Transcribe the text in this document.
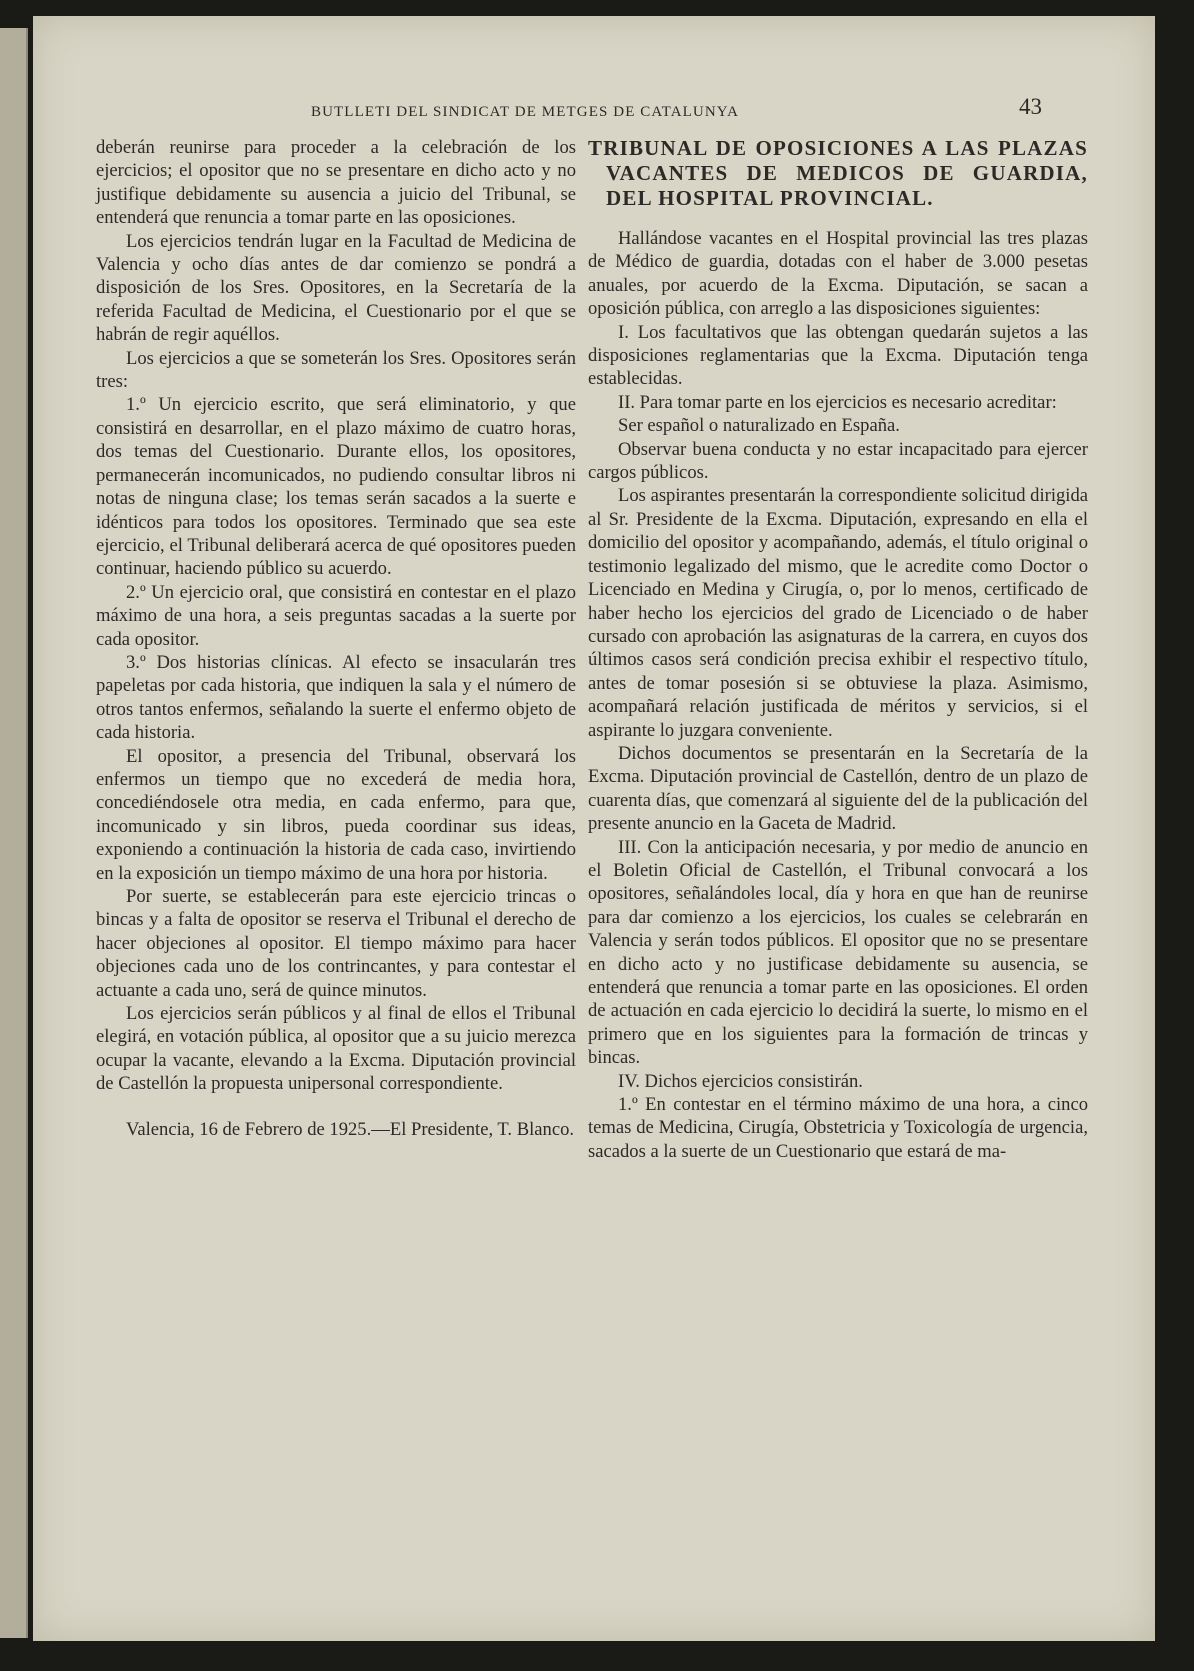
BUTLLETI DEL SINDICAT DE METGES DE CATALUNYA	43

deberán reunirse para proceder a la celebración de los ejercicios; el opositor que no se presentare en dicho acto y no justifique debidamente su ausencia a juicio del Tribunal, se entenderá que renuncia a tomar parte en las oposiciones.

Los ejercicios tendrán lugar en la Facultad de Medicina de Valencia y ocho días antes de dar comienzo se pondrá a disposición de los Sres. Opositores, en la Secretaría de la referida Facultad de Medicina, el Cuestionario por el que se habrán de regir aquéllos.

Los ejercicios a que se someterán los Sres. Opositores serán tres:

1.º Un ejercicio escrito, que será eliminatorio, y que consistirá en desarrollar, en el plazo máximo de cuatro horas, dos temas del Cuestionario. Durante ellos, los opositores, permanecerán incomunicados, no pudiendo consultar libros ni notas de ninguna clase; los temas serán sacados a la suerte e idénticos para todos los opositores. Terminado que sea este ejercicio, el Tribunal deliberará acerca de qué opositores pueden continuar, haciendo público su acuerdo.

2.º Un ejercicio oral, que consistirá en contestar en el plazo máximo de una hora, a seis preguntas sacadas a la suerte por cada opositor.

3.º Dos historias clínicas. Al efecto se insacularán tres papeletas por cada historia, que indiquen la sala y el número de otros tantos enfermos, señalando la suerte el enfermo objeto de cada historia.

El opositor, a presencia del Tribunal, observará los enfermos un tiempo que no excederá de media hora, concediéndosele otra media, en cada enfermo, para que, incomunicado y sin libros, pueda coordinar sus ideas, exponiendo a continuación la historia de cada caso, invirtiendo en la exposición un tiempo máximo de una hora por historia.

Por suerte, se establecerán para este ejercicio trincas o bincas y a falta de opositor se reserva el Tribunal el derecho de hacer objeciones al opositor. El tiempo máximo para hacer objeciones cada uno de los contrincantes, y para contestar el actuante a cada uno, será de quince minutos.

Los ejercicios serán públicos y al final de ellos el Tribunal elegirá, en votación pública, al opositor que a su juicio merezca ocupar la vacante, elevando a la Excma. Diputación provincial de Castellón la propuesta unipersonal correspondiente.

Valencia, 16 de Febrero de 1925.—El Presidente, T. Blanco.

TRIBUNAL DE OPOSICIONES A LAS PLAZAS VACANTES DE MEDICOS DE GUARDIA, DEL HOSPITAL PROVINCIAL.

Hallándose vacantes en el Hospital provincial las tres plazas de Médico de guardia, dotadas con el haber de 3.000 pesetas anuales, por acuerdo de la Excma. Diputación, se sacan a oposición pública, con arreglo a las disposiciones siguientes:

I. Los facultativos que las obtengan quedarán sujetos a las disposiciones reglamentarias que la Excma. Diputación tenga establecidas.

II. Para tomar parte en los ejercicios es necesario acreditar:

Ser español o naturalizado en España.

Observar buena conducta y no estar incapacitado para ejercer cargos públicos.

Los aspirantes presentarán la correspondiente solicitud dirigida al Sr. Presidente de la Excma. Diputación, expresando en ella el domicilio del opositor y acompañando, además, el título original o testimonio legalizado del mismo, que le acredite como Doctor o Licenciado en Medina y Cirugía, o, por lo menos, certificado de haber hecho los ejercicios del grado de Licenciado o de haber cursado con aprobación las asignaturas de la carrera, en cuyos dos últimos casos será condición precisa exhibir el respectivo título, antes de tomar posesión si se obtuviese la plaza. Asimismo, acompañará relación justificada de méritos y servicios, si el aspirante lo juzgara conveniente.

Dichos documentos se presentarán en la Secretaría de la Excma. Diputación provincial de Castellón, dentro de un plazo de cuarenta días, que comenzará al siguiente del de la publicación del presente anuncio en la Gaceta de Madrid.

III. Con la anticipación necesaria, y por medio de anuncio en el Boletin Oficial de Castellón, el Tribunal convocará a los opositores, señalándoles local, día y hora en que han de reunirse para dar comienzo a los ejercicios, los cuales se celebrarán en Valencia y serán todos públicos. El opositor que no se presentare en dicho acto y no justificase debidamente su ausencia, se entenderá que renuncia a tomar parte en las oposiciones. El orden de actuación en cada ejercicio lo decidirá la suerte, lo mismo en el primero que en los siguientes para la formación de trincas y bincas.

IV. Dichos ejercicios consistirán.

1.º En contestar en el término máximo de una hora, a cinco temas de Medicina, Cirugía, Obstetricia y Toxicología de urgencia, sacados a la suerte de un Cuestionario que estará de ma-
